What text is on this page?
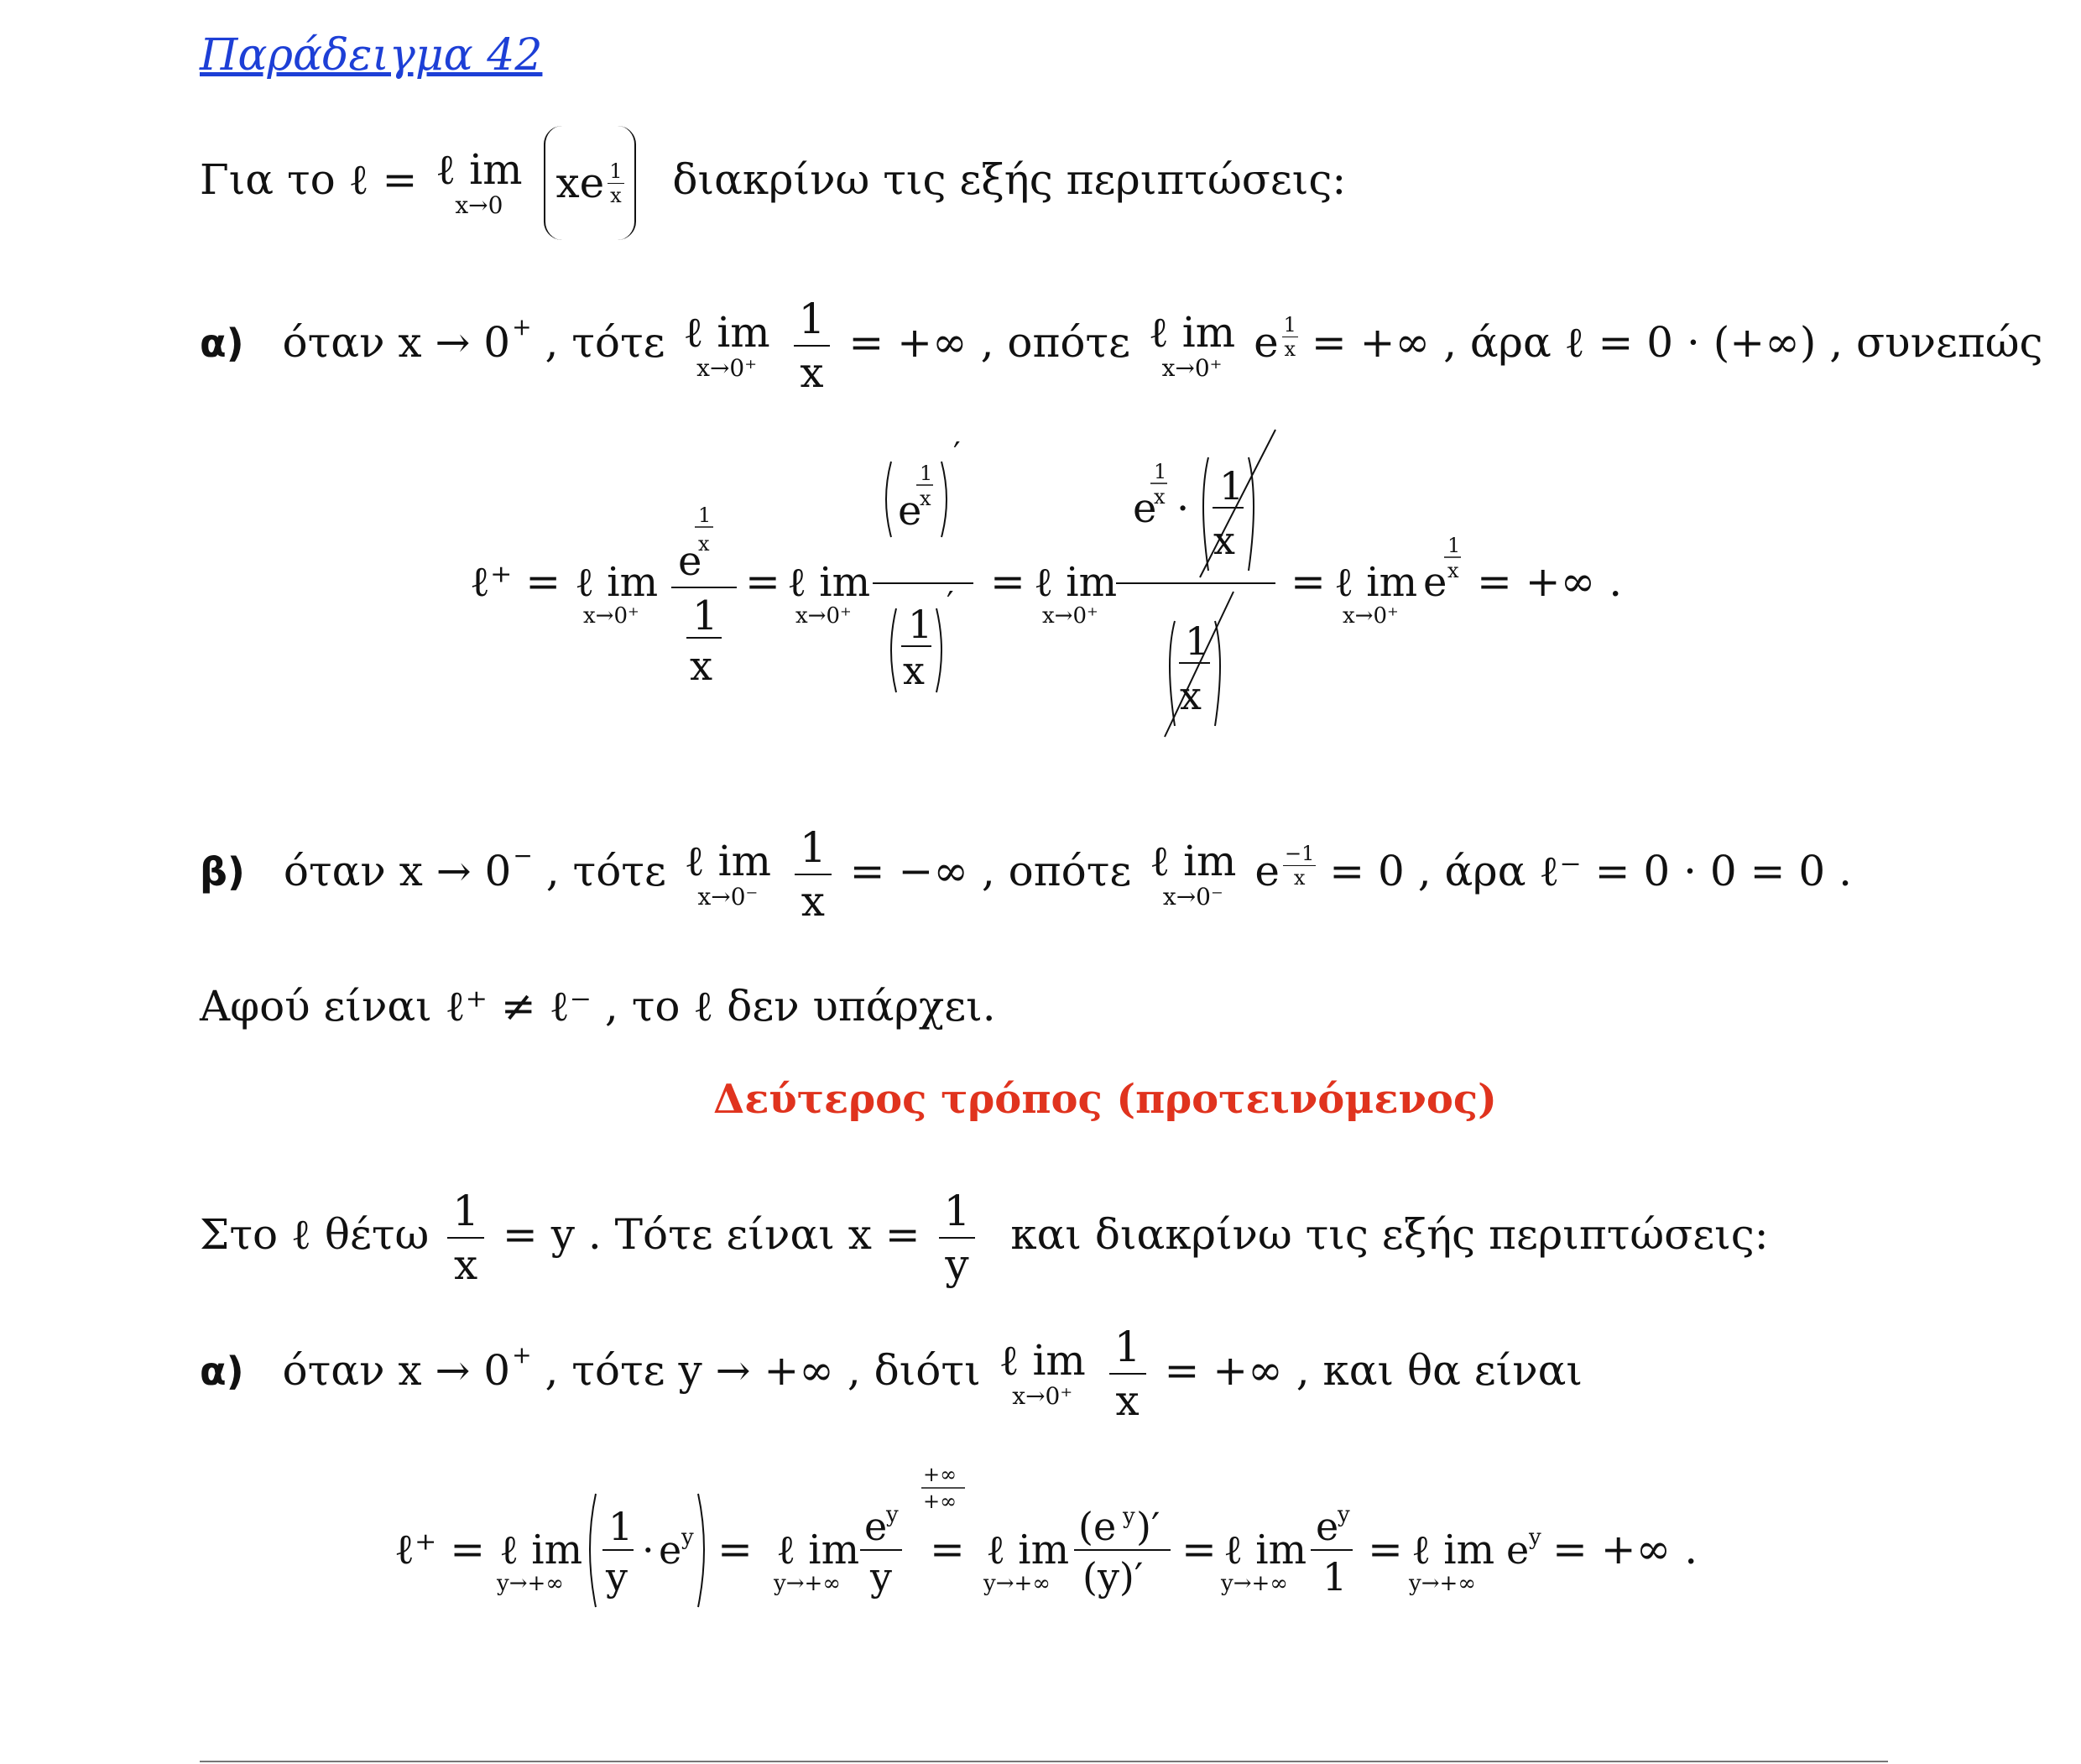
Παράδειγμα 42
Για το ℓ = ℓ im
x→0
xe $\frac{1}{x}$ διακρίνω τις εξής περιπτώσεις:
α) όταν x → 0+ , τότε ℓ im
x→0⁺
$\frac{1}{x}$ = +∞ , οπότε ℓ im
x→0⁺
e $\frac{1}{x}$ = +∞ , άρα ℓ = 0 · (+∞) , συνεπώς
ℓ⁺ = ℓ im
x→0⁺
e
1
x
1
x
= ℓ im
x→0⁺
e
1
x
′
1
x
′ = ℓ im
x→0⁺
e
1
x · 1
x
1
x
= ℓ im
x→0⁺
e
1
x = +∞ .
β) όταν x → 0− , τότε ℓ im
x→0⁻
$\frac{1}{x}$ = −∞ , οπότε ℓ im
x→0⁻
e $\frac{-1}{x} = 0$ , άρα ℓ⁻ = 0 · 0 = 0 .
Αφού είναι ℓ⁺ ≠ ℓ⁻ , το ℓ δεν υπάρχει.
Δεύτερος τρόπος (προτεινόμενος)
Στο ℓ θέτω $\frac{1}{x} = y$ . Τότε είναι $x = \frac{1}{y}$ και διακρίνω τις εξής περιπτώσεις:
α) όταν x → 0+ , τότε y → +∞ , διότι ℓ im
x→0⁺
$\frac{1}{x}$ = +∞ , και θα είναι
ℓ⁺ = ℓ im
y→+∞
1
y
· e y = ℓ im
y→+∞
e
y
y
+∞
+∞
= ℓ im
y→+∞
(e y )′
(y)′
= ℓ im
y→+∞
e
y
1
= ℓ im
y→+∞
e y = +∞ .
